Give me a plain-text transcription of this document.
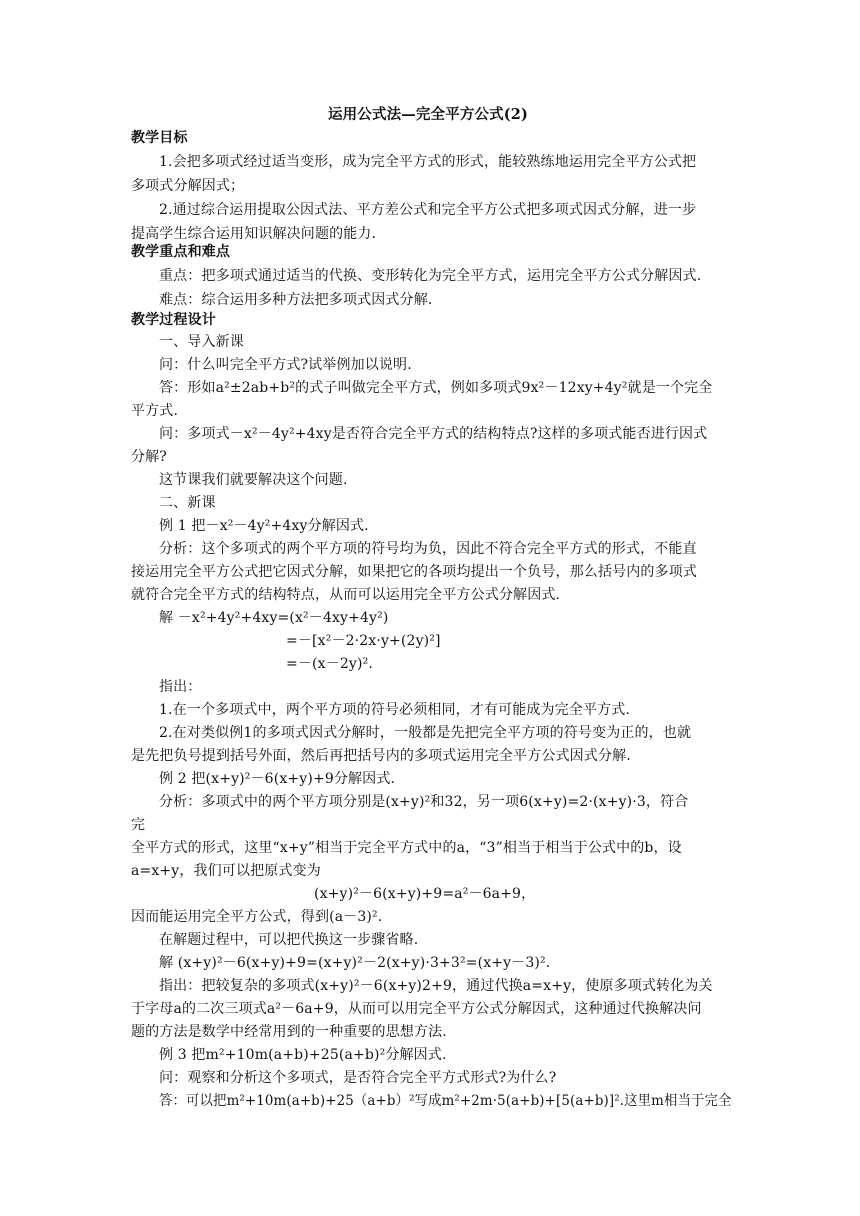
运用公式法—完全平方公式(2)
教学目标
1.会把多项式经过适当变形，成为完全平方式的形式，能较熟练地运用完全平方公式把
多项式分解因式；
2.通过综合运用提取公因式法、平方差公式和完全平方公式把多项式因式分解，进一步
提高学生综合运用知识解决问题的能力.
教学重点和难点
重点：把多项式通过适当的代换、变形转化为完全平方式，运用完全平方公式分解因式.
难点：综合运用多种方法把多项式因式分解.
教学过程设计
一、导入新课
问：什么叫完全平方式?试举例加以说明.
答：形如a²±2ab+b²的式子叫做完全平方式，例如多项式9x²－12xy+4y²就是一个完全
平方式.
问：多项式－x²－4y²+4xy是否符合完全平方式的结构特点?这样的多项式能否进行因式
分解?
这节课我们就要解决这个问题.
二、新课
例 1 把－x²－4y²+4xy分解因式.
分析：这个多项式的两个平方项的符号均为负，因此不符合完全平方式的形式，不能直
接运用完全平方公式把它因式分解，如果把它的各项均提出一个负号，那么括号内的多项式
就符合完全平方式的结构特点，从而可以运用完全平方公式分解因式.
解 －x²+4y²+4xy=(x²－4xy+4y²)
=－[x²－2·2x·y+(2y)²]
=－(x－2y)².
指出：
1.在一个多项式中，两个平方项的符号必须相同，才有可能成为完全平方式.
2.在对类似例1的多项式因式分解时，一般都是先把完全平方项的符号变为正的，也就
是先把负号提到括号外面，然后再把括号内的多项式运用完全平方公式因式分解.
例 2 把(x+y)²－6(x+y)+9分解因式.
分析：多项式中的两个平方项分别是(x+y)²和32，另一项6(x+y)=2·(x+y)·3，符合
完
全平方式的形式，这里“x+y”相当于完全平方式中的a，“3”相当于相当于公式中的b，设
a=x+y，我们可以把原式变为
(x+y)²－6(x+y)+9=a²－6a+9，
因而能运用完全平方公式，得到(a－3)².
在解题过程中，可以把代换这一步骤省略.
解 (x+y)²－6(x+y)+9=(x+y)²－2(x+y)·3+3²=(x+y－3)².
指出：把较复杂的多项式(x+y)²－6(x+y)2+9，通过代换a=x+y，使原多项式转化为关
于字母a的二次三项式a²－6a+9，从而可以用完全平方公式分解因式，这种通过代换解决问
题的方法是数学中经常用到的一种重要的思想方法.
例 3 把m²+10m(a+b)+25(a+b)²分解因式.
问：观察和分析这个多项式，是否符合完全平方式形式?为什么?
答：可以把m²+10m(a+b)+25（a+b）²写成m²+2m·5(a+b)+[5(a+b)]².这里m相当于完全
